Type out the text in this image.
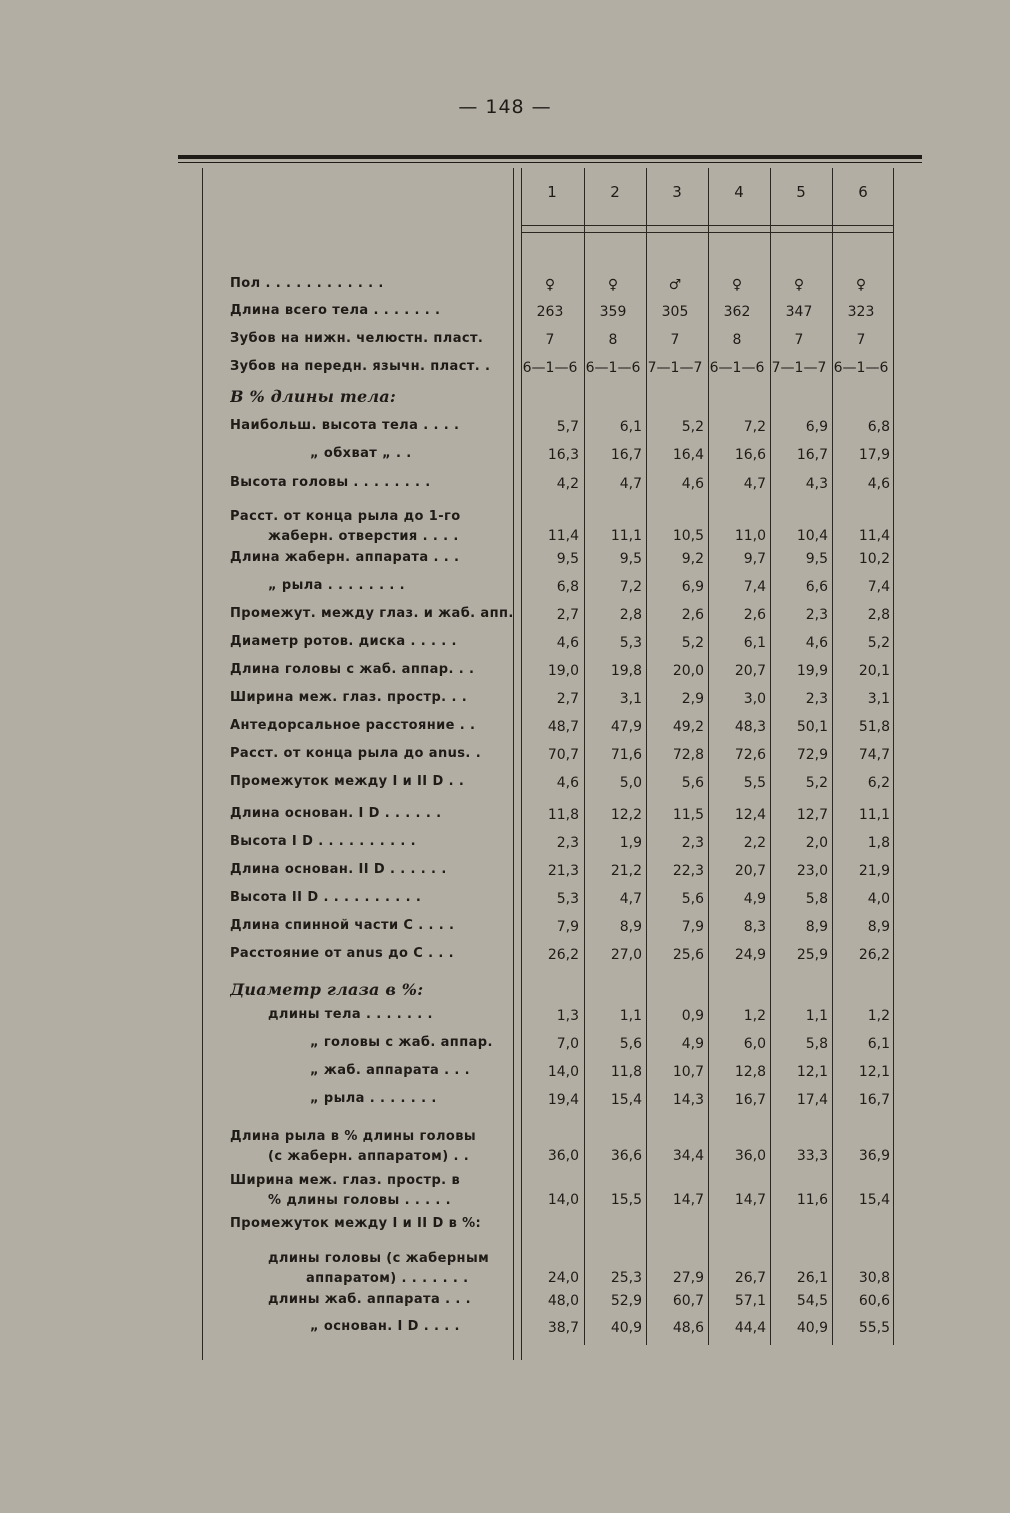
— 148 —
1	2	3	4	5	6
Пол . . . . . . . . . . . .	♀	♀	♂	♀	♀	♀
Длина всего тела . . . . . . .	263	359	305	362	347	323
Зубов на нижн. челюстн. пласт.	7	8	7	8	7	7
Зубов на передн. язычн. пласт. .	6—1—6 6—1—6 7—1—7 6—1—6 7—1—7 6—1—6
В % длины тела:
Наибольш. высота тела . . . .	5,7	6,1	5,2	7,2	6,9	6,8
„ обхват „ . .	16,3	16,7	16,4	16,6	16,7	17,9
Высота головы . . . . . . . .	4,2	4,7	4,6	4,7	4,3	4,6
Расст. от конца рыла до 1-го
жаберн. отверстия . . . .	11,4	11,1	10,5	11,0	10,4	11,4
Длина жаберн. аппарата . . .	9,5	9,5	9,2	9,7	9,5	10,2
„ рыла . . . . . . . .	6,8	7,2	6,9	7,4	6,6	7,4
Промежут. между глаз. и жаб. апп.	2,7	2,8	2,6	2,6	2,3	2,8
Диаметр ротов. диска . . . . .	4,6	5,3	5,2	6,1	4,6	5,2
Длина головы с жаб. аппар. . .	19,0	19,8	20,0	20,7	19,9	20,1
Ширина меж. глаз. простр. . .	2,7	3,1	2,9	3,0	2,3	3,1
Антедорсальное расстояние . .	48,7	47,9	49,2	48,3	50,1	51,8
Расст. от конца рыла до anus. .	70,7	71,6	72,8	72,6	72,9	74,7
Промежуток между I и II D . .	4,6	5,0	5,6	5,5	5,2	6,2
Длина основан. I D . . . . . .	11,8	12,2	11,5	12,4	12,7	11,1
Высота I D . . . . . . . . . .	2,3	1,9	2,3	2,2	2,0	1,8
Длина основан. II D . . . . . .	21,3	21,2	22,3	20,7	23,0	21,9
Высота II D . . . . . . . . . .	5,3	4,7	5,6	4,9	5,8	4,0
Длина спинной части C . . . .	7,9	8,9	7,9	8,3	8,9	8,9
Расстояние от anus до C . . .	26,2	27,0	25,6	24,9	25,9	26,2
Диаметр глаза в %:
длины тела . . . . . . .	1,3	1,1	0,9	1,2	1,1	1,2
„ головы с жаб. аппар.	7,0	5,6	4,9	6,0	5,8	6,1
„ жаб. аппарата . . .	14,0	11,8	10,7	12,8	12,1	12,1
„ рыла . . . . . . .	19,4	15,4	14,3	16,7	17,4	16,7
Длина рыла в % длины головы
(с жаберн. аппаратом) . .	36,0	36,6	34,4	36,0	33,3	36,9
Ширина меж. глаз. простр. в
% длины головы . . . . .	14,0	15,5	14,7	14,7	11,6	15,4
Промежуток между I и II D в %:
длины головы (с жаберным
аппаратом) . . . . . . .	24,0	25,3	27,9	26,7	26,1	30,8
длины жаб. аппарата . . .	48,0	52,9	60,7	57,1	54,5	60,6
„ основан. I D . . . .	38,7	40,9	48,6	44,4	40,9	55,5
